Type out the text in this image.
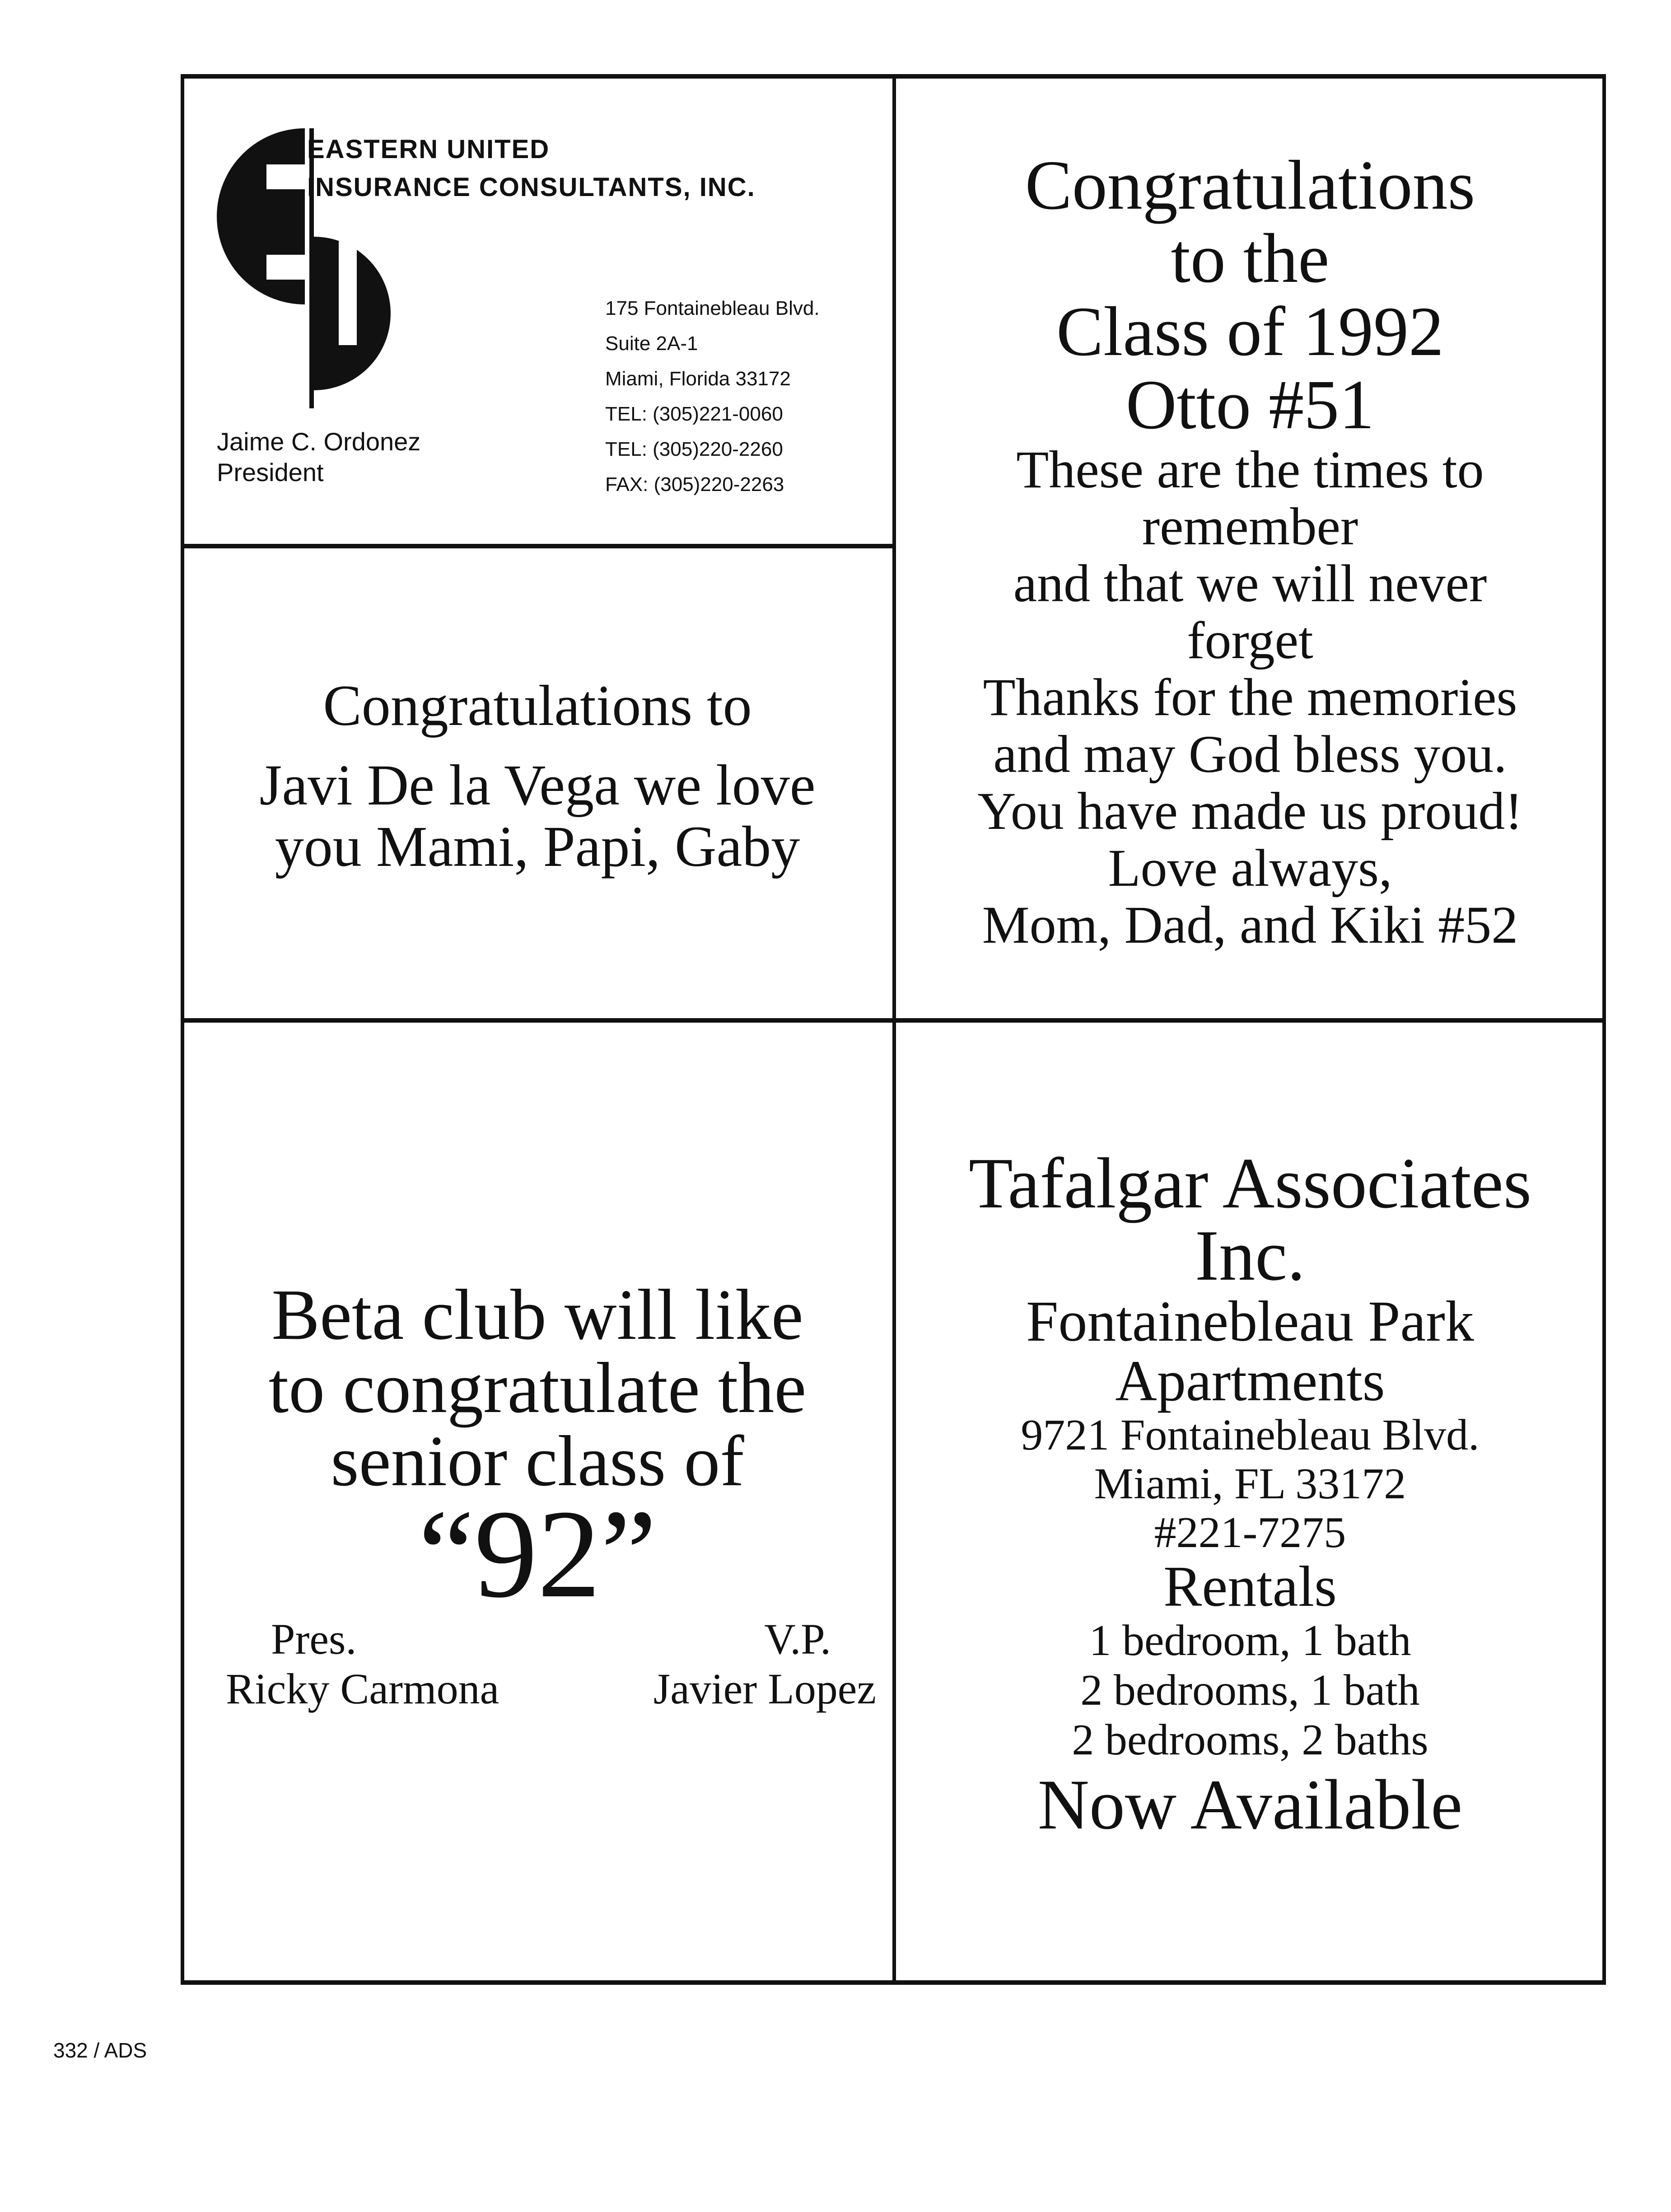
EASTERN UNITED
INSURANCE CONSULTANTS, INC.
175 Fontainebleau Blvd.
Suite 2A-1
Miami, Florida 33172
TEL: (305)221-0060
TEL: (305)220-2260
FAX: (305)220-2263
Jaime C. Ordonez
President
Congratulations to
Javi De la Vega we love
you Mami, Papi, Gaby
Congratulations
to the
Class of 1992
Otto #51
These are the times to
remember
and that we will never
forget
Thanks for the memories
and may God bless you.
You have made us proud!
Love always,
Mom, Dad, and Kiki #52
Beta club will like
to congratulate the
senior class of
“92”
Pres.
Ricky Carmona
V.P.
Javier Lopez
Tafalgar Associates
Inc.
Fontainebleau Park
Apartments
9721 Fontainebleau Blvd.
Miami, FL 33172
#221-7275
Rentals
1 bedroom, 1 bath
2 bedrooms, 1 bath
2 bedrooms, 2 baths
Now Available
332 / ADS
